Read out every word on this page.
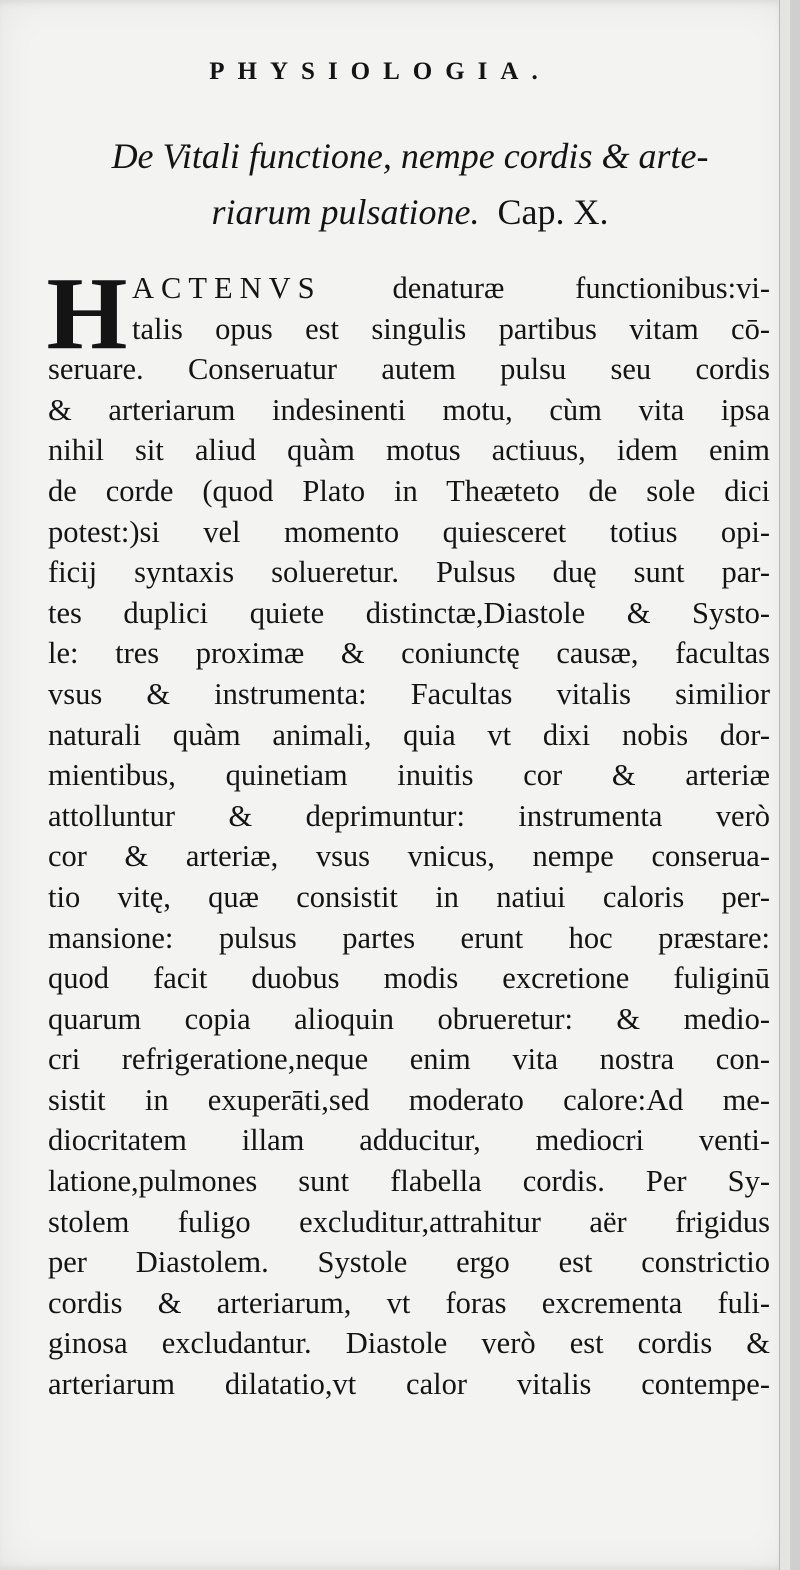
PHYSIOLOGIA.
De Vitali functione, nempe cordis & arte-
riarum pulsatione. Cap. X.
H ACTENVS denaturæ functionibus:vi-
talis opus est singulis partibus vitam cō-
seruare. Conseruatur autem pulsu seu cordis
& arteriarum indesinenti motu, cùm vita ipsa
nihil sit aliud quàm motus actiuus, idem enim
de corde (quod Plato in Theæteto de sole dici
potest:)si vel momento quiesceret totius opi-
ficij syntaxis solueretur. Pulsus duę sunt par-
tes duplici quiete distinctæ,Diastole & Systo-
le: tres proximæ & coniunctę causæ, facultas
vsus & instrumenta: Facultas vitalis similior
naturali quàm animali, quia vt dixi nobis dor-
mientibus, quinetiam inuitis cor & arteriæ
attolluntur & deprimuntur: instrumenta verò
cor & arteriæ, vsus vnicus, nempe conserua-
tio vitę, quæ consistit in natiui caloris per-
mansione: pulsus partes erunt hoc præstare:
quod facit duobus modis excretione fuliginū
quarum copia alioquin obrueretur: & medio-
cri refrigeratione,neque enim vita nostra con-
sistit in exuperāti,sed moderato calore:Ad me-
diocritatem illam adducitur, mediocri venti-
latione,pulmones sunt flabella cordis. Per Sy-
stolem fuligo excluditur,attrahitur aër frigidus
per Diastolem. Systole ergo est constrictio
cordis & arteriarum, vt foras excrementa fuli-
ginosa excludantur. Diastole verò est cordis &
arteriarum dilatatio,vt calor vitalis contempe-
